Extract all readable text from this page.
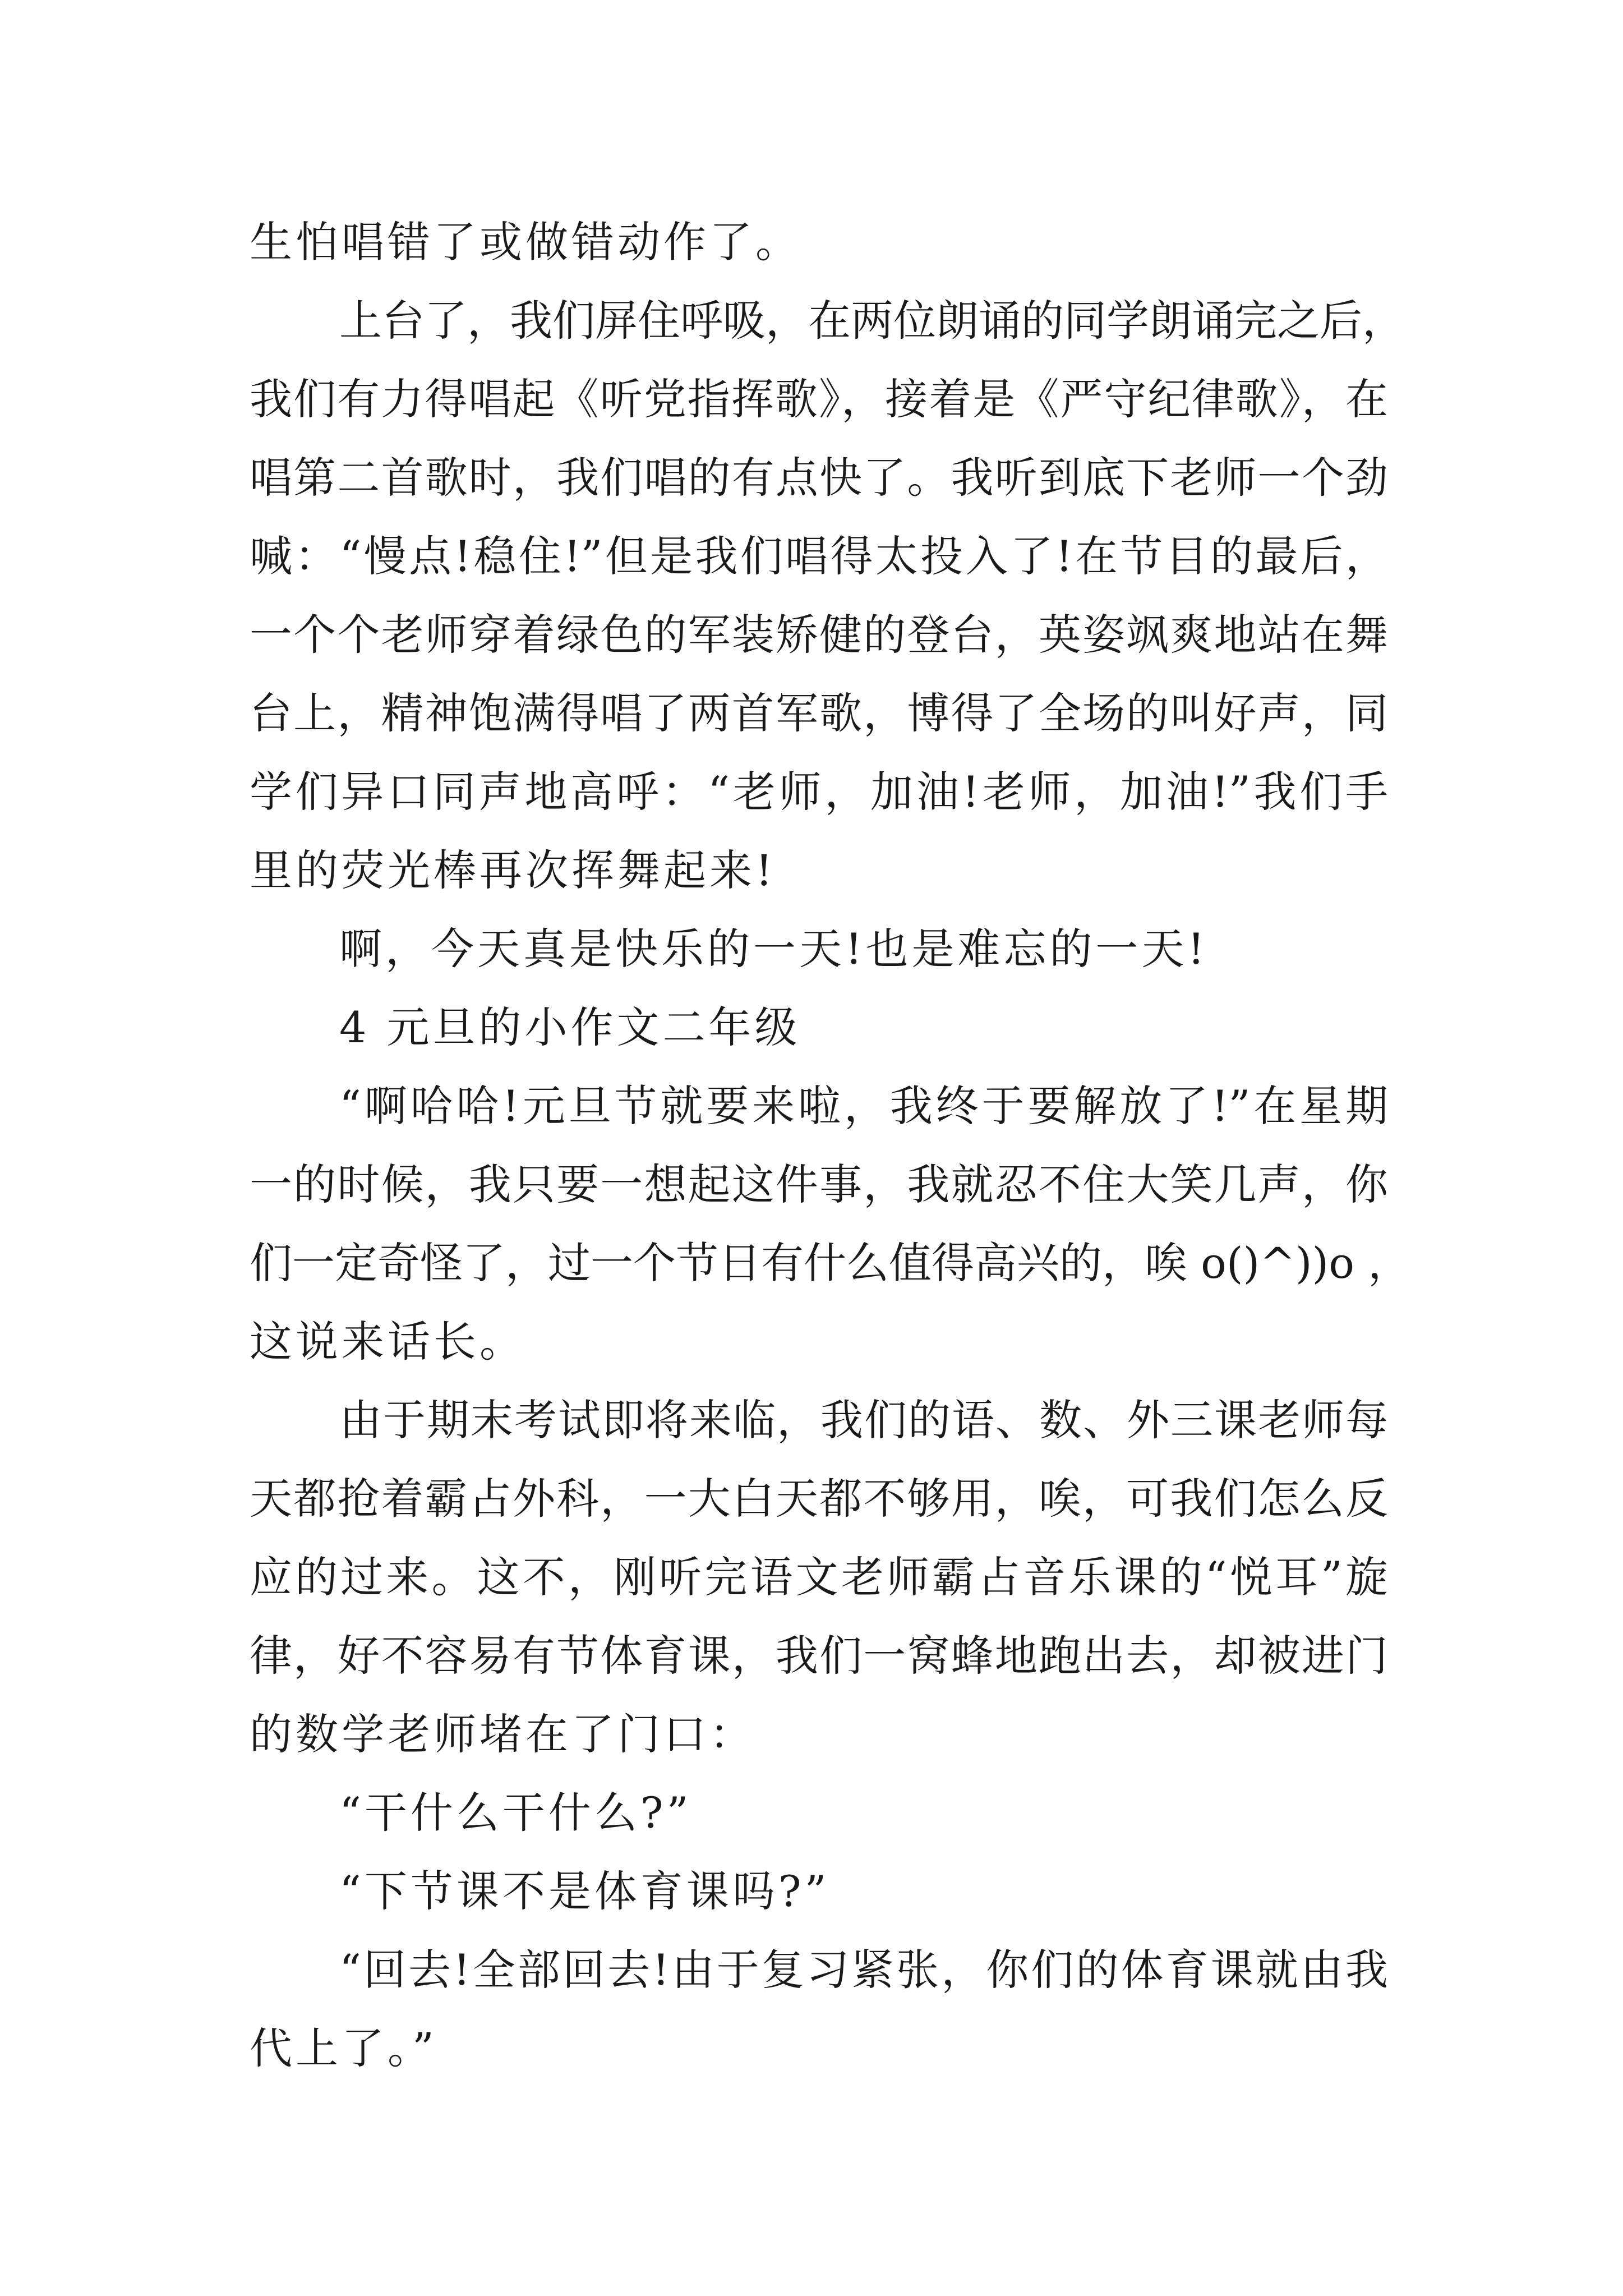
生怕唱错了或做错动作了。
上台了，我们屏住呼吸，在两位朗诵的同学朗诵完之后，
我们有力得唱起《听党指挥歌》，接着是《严守纪律歌》，在
唱第二首歌时，我们唱的有点快了。我听到底下老师一个劲
喊：“慢点!稳住!”但是我们唱得太投入了!在节目的最后，
一个个老师穿着绿色的军装矫健的登台，英姿飒爽地站在舞
台上，精神饱满得唱了两首军歌，博得了全场的叫好声，同
学们异口同声地高呼：“老师，加油!老师，加油!”我们手
里的荧光棒再次挥舞起来!
啊，今天真是快乐的一天!也是难忘的一天!
4 元旦的小作文二年级
“啊哈哈!元旦节就要来啦，我终于要解放了!”在星期
一的时候，我只要一想起这件事，我就忍不住大笑几声，你
们一定奇怪了，过一个节日有什么值得高兴的，唉 o()^))o ，
这说来话长。
由于期末考试即将来临，我们的语、数、外三课老师每
天都抢着霸占外科，一大白天都不够用，唉，可我们怎么反
应的过来。这不，刚听完语文老师霸占音乐课的“悦耳”旋
律，好不容易有节体育课，我们一窝蜂地跑出去，却被进门
的数学老师堵在了门口：
“干什么干什么?”
“下节课不是体育课吗?”
“回去!全部回去!由于复习紧张，你们的体育课就由我
代上了。”
